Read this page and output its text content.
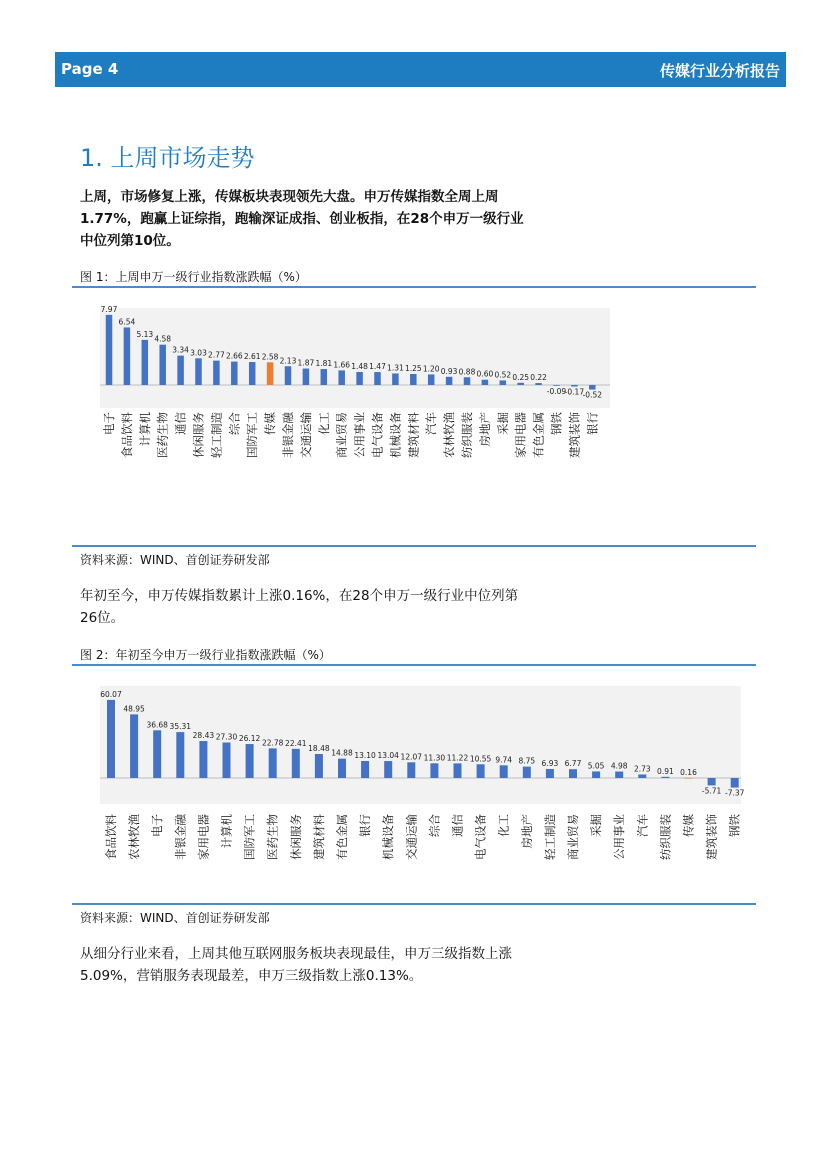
Page 4	传媒行业分析报告
1. 上周市场走势
上周，市场修复上涨，传媒板块表现领先大盘。申万传媒指数全周上周1.77%，跑赢上证综指，跑输深证成指、创业板指，在28个申万一级行业中位列第10位。
图 1：上周申万一级行业指数涨跌幅（%）
7.97
电子
6.54
食品饮料
5.13
计算机
4.58
医药生物
3.34
通信
3.03
休闲服务
2.77
轻工制造
2.66
综合
2.61
国防军工
2.58
传媒
2.13
非银金融
1.87
交通运输
1.81
化工
1.66
商业贸易
1.48
公用事业
1.47
电气设备
1.31
机械设备
1.25
建筑材料
1.20
汽车
0.93
农林牧渔
0.88
纺织服装
0.60
房地产
0.52
采掘
0.25
家用电器
0.22
有色金属
-0.09
钢铁
-0.17
建筑装饰
-0.52
银行
资料来源：WIND、首创证券研发部
年初至今，申万传媒指数累计上涨0.16%，在28个申万一级行业中位列第26位。
图 2：年初至今申万一级行业指数涨跌幅（%）
60.07
食品饮料
48.95
农林牧渔
36.68
电子
35.31
非银金融
28.43
家用电器
27.30
计算机
26.12
国防军工
22.78
医药生物
22.41
休闲服务
18.48
建筑材料
14.88
有色金属
13.10
银行
13.04
机械设备
12.07
交通运输
11.30
综合
11.22
通信
10.55
电气设备
9.74
化工
8.75
房地产
6.93
轻工制造
6.77
商业贸易
5.05
采掘
4.98
公用事业
2.73
汽车
0.91
纺织服装
0.16
传媒
-5.71
建筑装饰
-7.37
钢铁
资料来源：WIND、首创证券研发部
从细分行业来看，上周其他互联网服务板块表现最佳，申万三级指数上涨5.09%，营销服务表现最差，申万三级指数上涨0.13%。
